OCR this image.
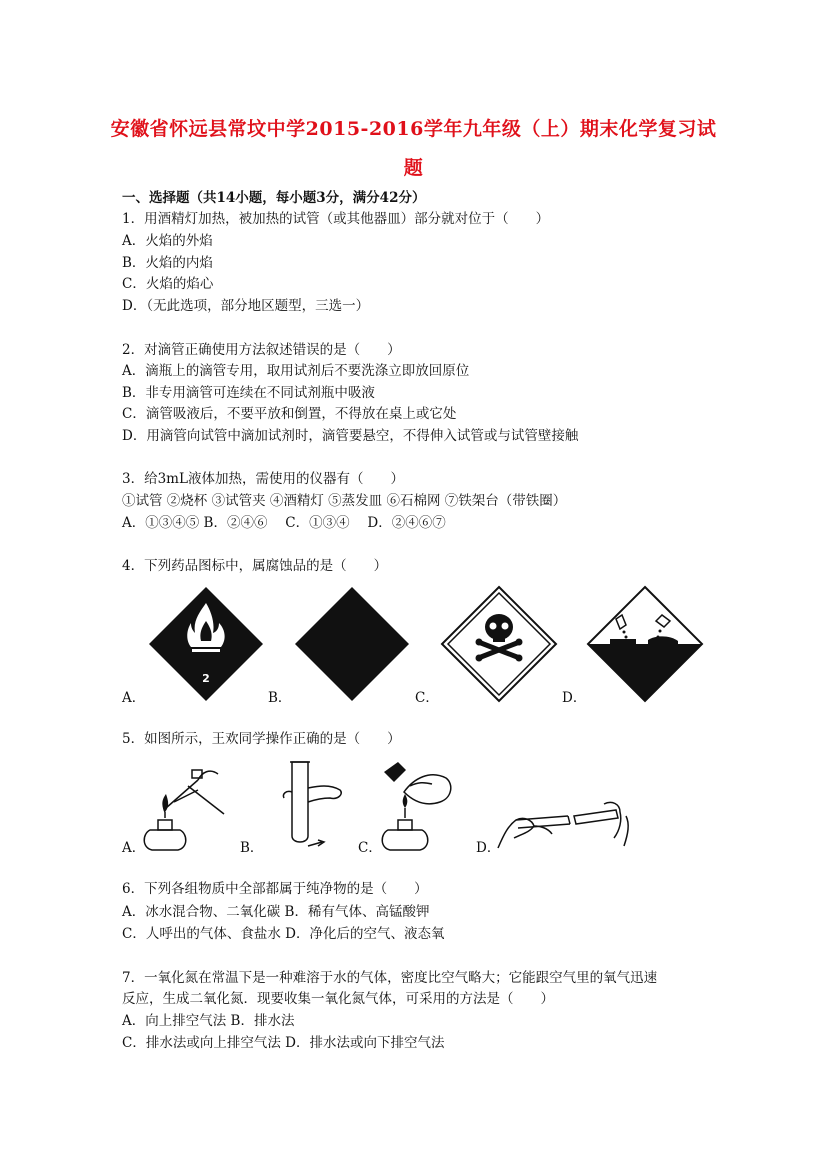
安徽省怀远县常坟中学2015-2016学年九年级（上）期末化学复习试
题
一、选择题（共14小题，每小题3分，满分42分）
1．用酒精灯加热，被加热的试管（或其他器皿）部分就对位于（　　）
A．火焰的外焰
B．火焰的内焰
C．火焰的焰心
D．（无此选项，部分地区题型，三选一）
2．对滴管正确使用方法叙述错误的是（　　）
A．滴瓶上的滴管专用，取用试剂后不要洗涤立即放回原位
B．非专用滴管可连续在不同试剂瓶中吸液
C．滴管吸液后，不要平放和倒置，不得放在桌上或它处
D．用滴管向试管中滴加试剂时，滴管要悬空，不得伸入试管或与试管壁接触
3．给3mL液体加热，需使用的仪器有（　　）
①试管 ②烧杯 ③试管夹 ④酒精灯 ⑤蒸发皿 ⑥石棉网 ⑦铁架台（带铁圈）
A．①③④⑤ B．②④⑥　 C．①③④　 D．②④⑥⑦
4．下列药品图标中，属腐蚀品的是（　　）
2
A．	B．	C．	D．
5．如图所示，王欢同学操作正确的是（　　）
A．	B．	C．	D．
6．下列各组物质中全部都属于纯净物的是（　　）
A．冰水混合物、二氧化碳 B．稀有气体、高锰酸钾
C．人呼出的气体、食盐水 D．净化后的空气、液态氧
7．一氧化氮在常温下是一种难溶于水的气体，密度比空气略大；它能跟空气里的氧气迅速
反应，生成二氧化氮．现要收集一氧化氮气体，可采用的方法是（　　）
A．向上排空气法 B．排水法
C．排水法或向上排空气法 D．排水法或向下排空气法
